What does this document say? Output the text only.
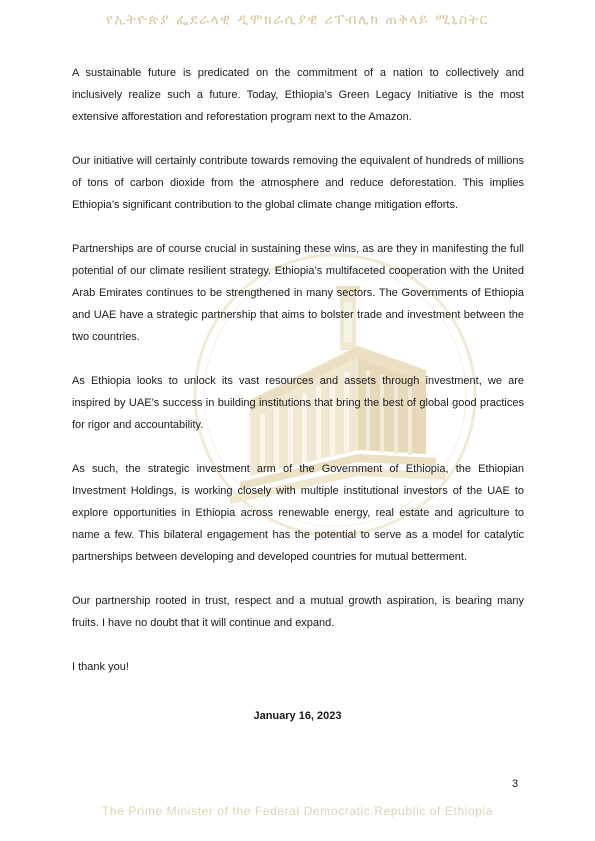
የኢትዮጵያ ፌደራላዊ ዲሞክራሲያዊ ሪፐብሊክ ጠቅላይ ሚኒስትር

A sustainable future is predicated on the commitment of a nation to collectively and inclusively realize such a future. Today, Ethiopia’s Green Legacy Initiative is the most extensive afforestation and reforestation program next to the Amazon.

Our initiative will certainly contribute towards removing the equivalent of hundreds of millions of tons of carbon dioxide from the atmosphere and reduce deforestation. This implies Ethiopia’s significant contribution to the global climate change mitigation efforts.

Partnerships are of course crucial in sustaining these wins, as are they in manifesting the full potential of our climate resilient strategy. Ethiopia’s multifaceted cooperation with the United Arab Emirates continues to be strengthened in many sectors. The Governments of Ethiopia and UAE have a strategic partnership that aims to bolster trade and investment between the two countries.

As Ethiopia looks to unlock its vast resources and assets through investment, we are inspired by UAE’s success in building institutions that bring the best of global good practices for rigor and accountability.

As such, the strategic investment arm of the Government of Ethiopia, the Ethiopian Investment Holdings, is working closely with multiple institutional investors of the UAE to explore opportunities in Ethiopia across renewable energy, real estate and agriculture to name a few. This bilateral engagement has the potential to serve as a model for catalytic partnerships between developing and developed countries for mutual betterment.

Our partnership rooted in trust, respect and a mutual growth aspiration, is bearing many fruits. I have no doubt that it will continue and expand.

I thank you!

January 16, 2023
3
The Prime Minister of the Federal Democratic Republic of Ethiopia
